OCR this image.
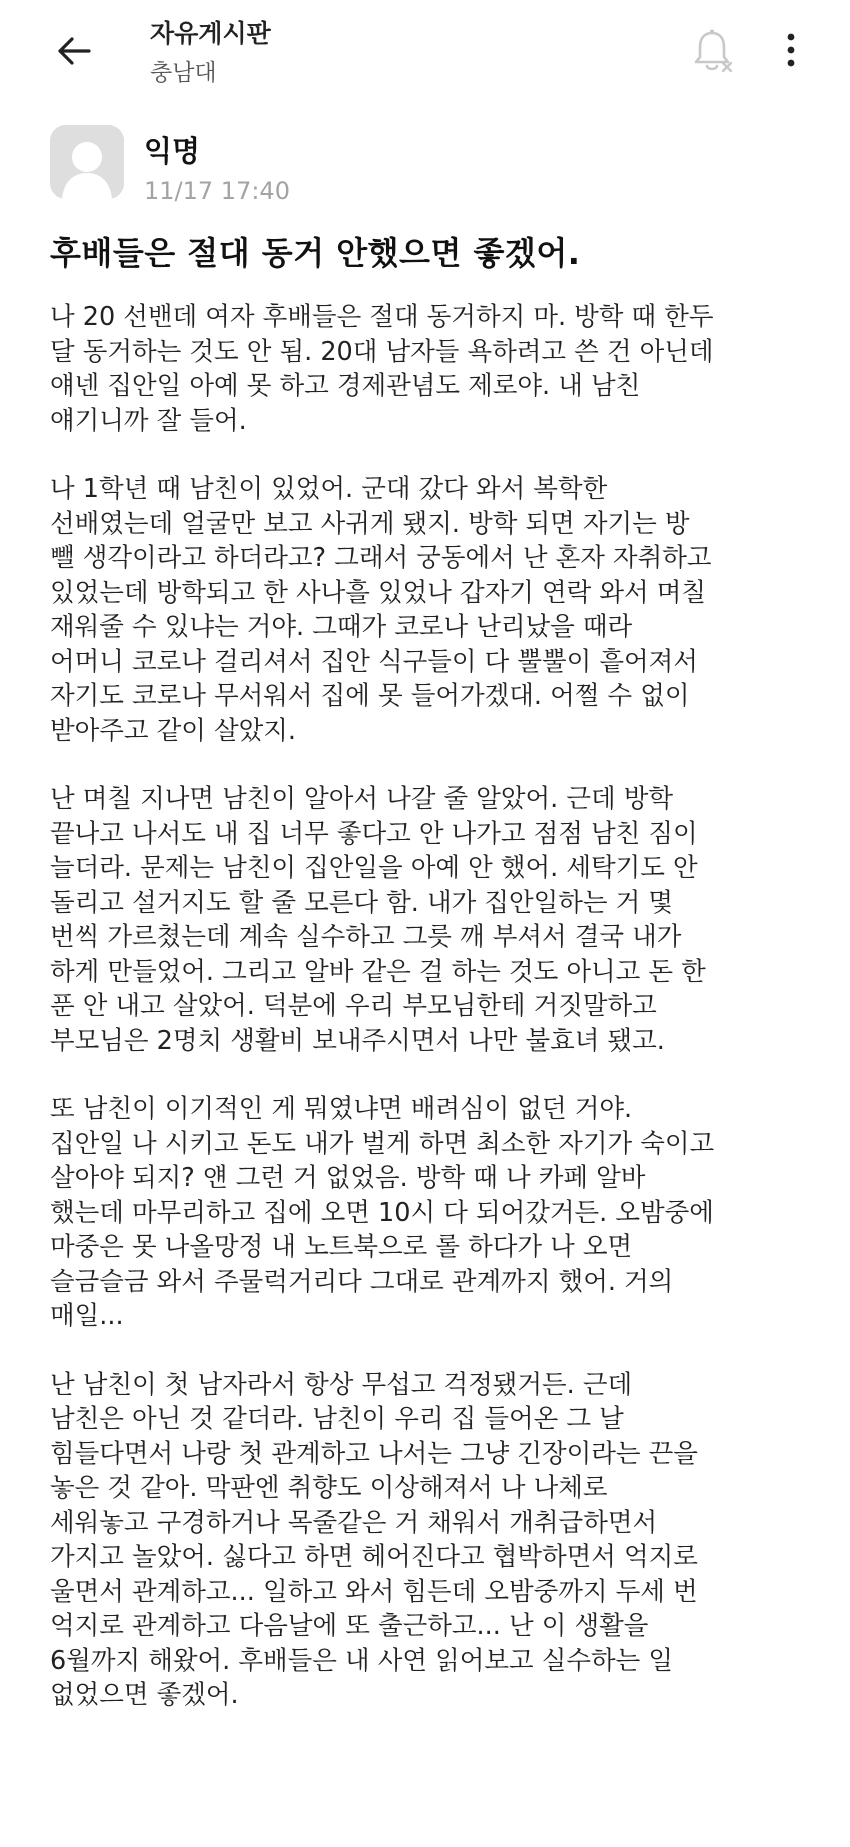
자유게시판
충남대
익명
11/17 17:40
후배들은 절대 동거 안했으면 좋겠어.
나 20 선밴데 여자 후배들은 절대 동거하지 마. 방학 때 한두
달 동거하는 것도 안 됨. 20대 남자들 욕하려고 쓴 건 아닌데
얘넨 집안일 아예 못 하고 경제관념도 제로야. 내 남친
얘기니까 잘 들어.
나 1학년 때 남친이 있었어. 군대 갔다 와서 복학한
선배였는데 얼굴만 보고 사귀게 됐지. 방학 되면 자기는 방
뺄 생각이라고 하더라고? 그래서 궁동에서 난 혼자 자취하고
있었는데 방학되고 한 사나흘 있었나 갑자기 연락 와서 며칠
재워줄 수 있냐는 거야. 그때가 코로나 난리났을 때라
어머니 코로나 걸리셔서 집안 식구들이 다 뿔뿔이 흩어져서
자기도 코로나 무서워서 집에 못 들어가겠대. 어쩔 수 없이
받아주고 같이 살았지.
난 며칠 지나면 남친이 알아서 나갈 줄 알았어. 근데 방학
끝나고 나서도 내 집 너무 좋다고 안 나가고 점점 남친 짐이
늘더라. 문제는 남친이 집안일을 아예 안 했어. 세탁기도 안
돌리고 설거지도 할 줄 모른다 함. 내가 집안일하는 거 몇
번씩 가르쳤는데 계속 실수하고 그릇 깨 부셔서 결국 내가
하게 만들었어. 그리고 알바 같은 걸 하는 것도 아니고 돈 한
푼 안 내고 살았어. 덕분에 우리 부모님한테 거짓말하고
부모님은 2명치 생활비 보내주시면서 나만 불효녀 됐고.
또 남친이 이기적인 게 뭐였냐면 배려심이 없던 거야.
집안일 나 시키고 돈도 내가 벌게 하면 최소한 자기가 숙이고
살아야 되지? 얜 그런 거 없었음. 방학 때 나 카페 알바
했는데 마무리하고 집에 오면 10시 다 되어갔거든. 오밤중에
마중은 못 나올망정 내 노트북으로 롤 하다가 나 오면
슬금슬금 와서 주물럭거리다 그대로 관계까지 했어. 거의
매일...
난 남친이 첫 남자라서 항상 무섭고 걱정됐거든. 근데
남친은 아닌 것 같더라. 남친이 우리 집 들어온 그 날
힘들다면서 나랑 첫 관계하고 나서는 그냥 긴장이라는 끈을
놓은 것 같아. 막판엔 취향도 이상해져서 나 나체로
세워놓고 구경하거나 목줄같은 거 채워서 개취급하면서
가지고 놀았어. 싫다고 하면 헤어진다고 협박하면서 억지로
울면서 관계하고... 일하고 와서 힘든데 오밤중까지 두세 번
억지로 관계하고 다음날에 또 출근하고... 난 이 생활을
6월까지 해왔어. 후배들은 내 사연 읽어보고 실수하는 일
없었으면 좋겠어.
